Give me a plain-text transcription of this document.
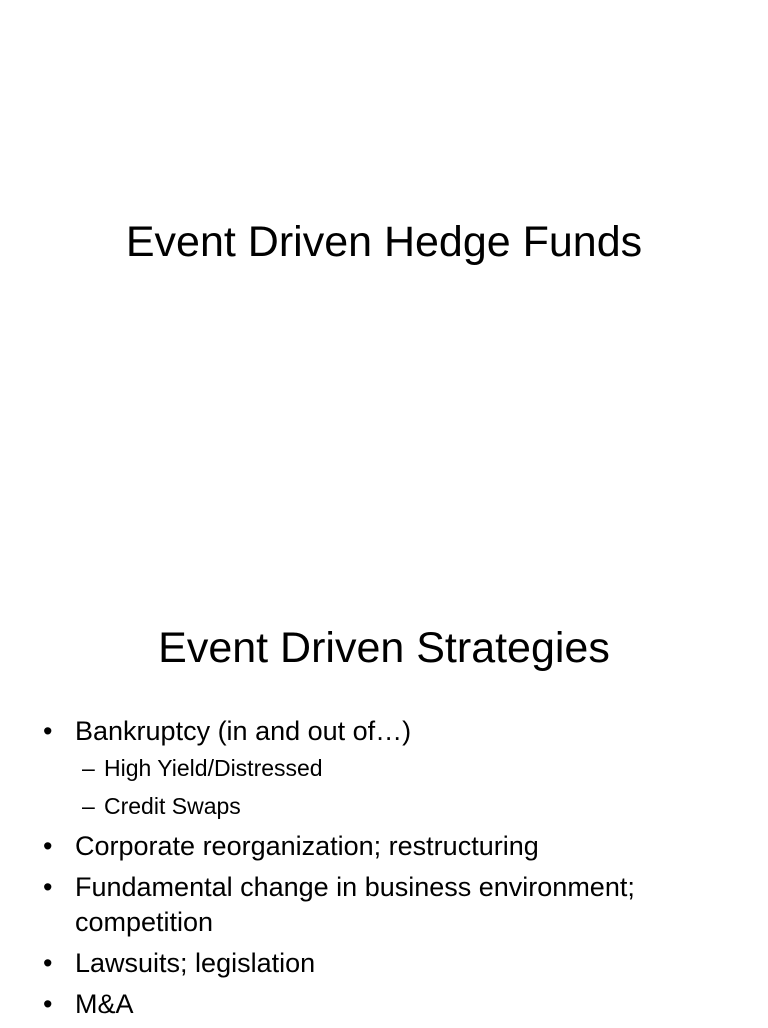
Event Driven Hedge Funds
Event Driven Strategies
• Bankruptcy (in and out of…)
– High Yield/Distressed
– Credit Swaps
• Corporate reorganization; restructuring
• Fundamental change in business environment; competition
• Lawsuits; legislation
• M&A
